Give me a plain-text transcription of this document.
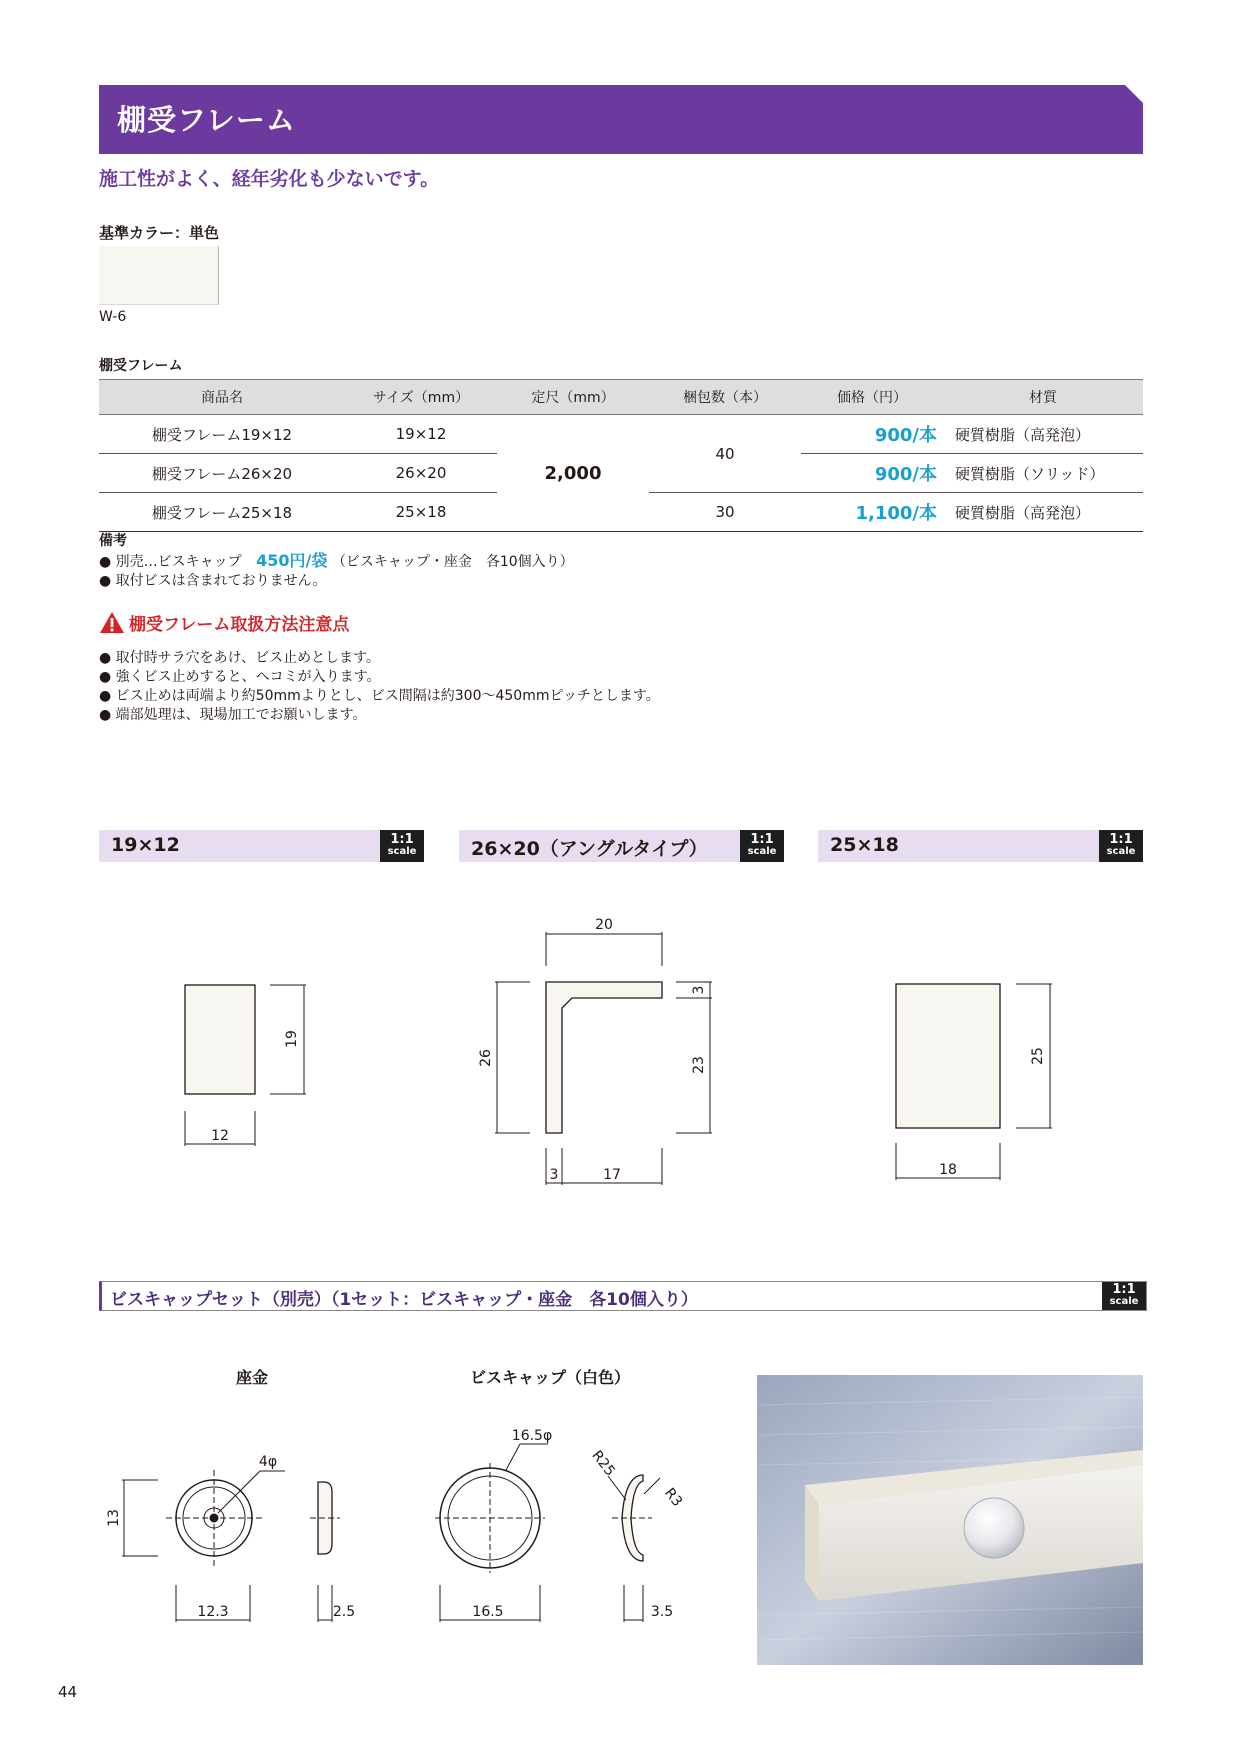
棚受フレーム
施工性がよく、経年劣化も少ないです。
基準カラー：単色
W-6
棚受フレーム
商品名	サイズ（mm）	定尺（mm）	梱包数（本）	価格（円）	材質
棚受フレーム19×12	19×12	2,000	40	900/本	硬質樹脂（高発泡）
棚受フレーム26×20	26×20			900/本	硬質樹脂（ソリッド）
棚受フレーム25×18	25×18		30	1,100/本	硬質樹脂（高発泡）
備考
● 別売…ビスキャップ 450円/袋 （ビスキャップ・座金　各10個入り）
● 取付ビスは含まれておりません。
棚受フレーム取扱方法注意点
● 取付時サラ穴をあけ、ビス止めとします。
● 強くビス止めすると、ヘコミが入ります。
● ビス止めは両端より約50mmよりとし、ビス間隔は約300～450mmピッチとします。
● 端部処理は、現場加工でお願いします。
19×12	1:1
scale	26×20（アングルタイプ）	1:1
scale	25×18	1:1
scale
19
12
20
26
3
23
3	17
25
18
ビスキャップセット（別売）（1セット：ビスキャップ・座金　各10個入り）
1:1
scale
座金
4φ
13
12.3	2.5
ビスキャップ（白色）
16.5φ
R25
R3
16.5	3.5
44
